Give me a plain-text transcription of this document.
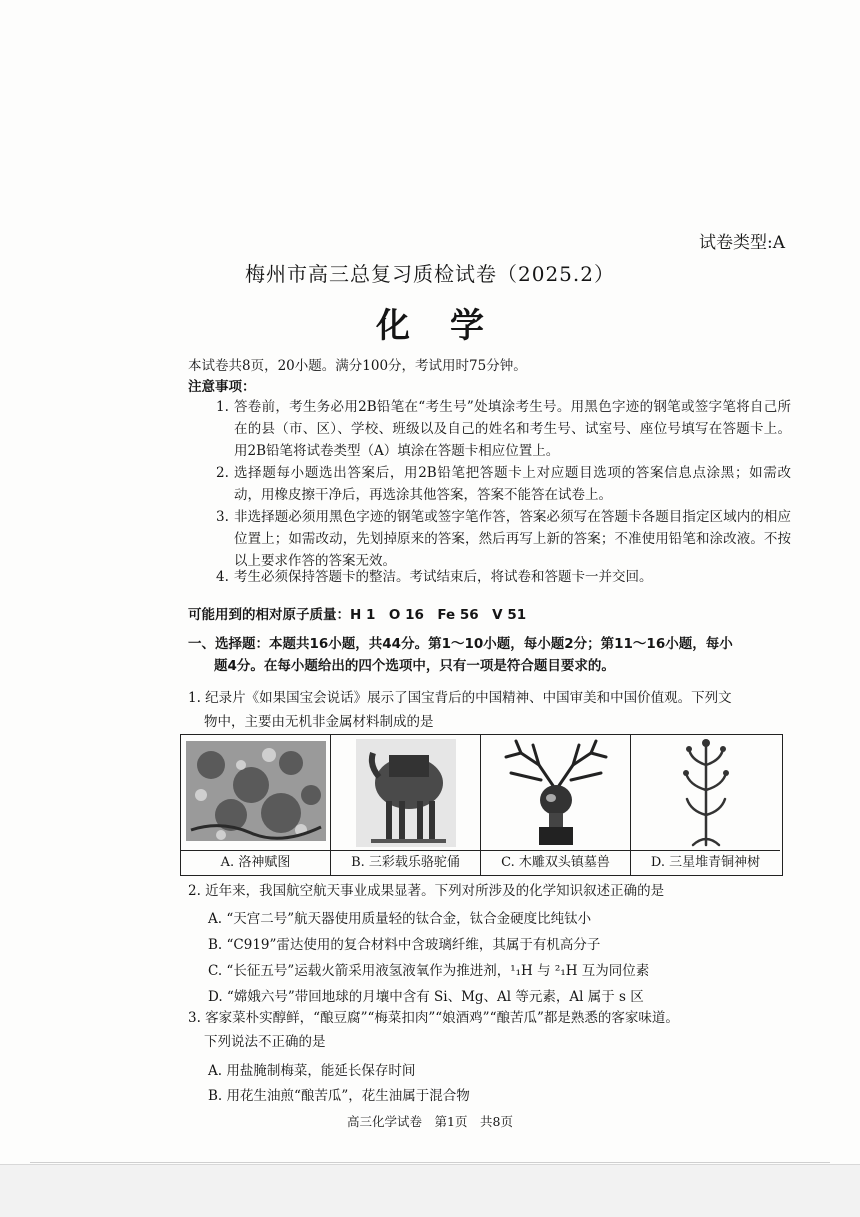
试卷类型:A
梅州市高三总复习质检试卷（2025.2）
化学
本试卷共8页，20小题。满分100分，考试用时75分钟。
注意事项：
1. 答卷前，考生务必用2B铅笔在“考生号”处填涂考生号。用黑色字迹的钢笔或签字笔将自己所在的县（市、区）、学校、班级以及自己的姓名和考生号、试室号、座位号填写在答题卡上。用2B铅笔将试卷类型（A）填涂在答题卡相应位置上。
2. 选择题每小题选出答案后，用2B铅笔把答题卡上对应题目选项的答案信息点涂黑；如需改动，用橡皮擦干净后，再选涂其他答案，答案不能答在试卷上。
3. 非选择题必须用黑色字迹的钢笔或签字笔作答，答案必须写在答题卡各题目指定区域内的相应位置上；如需改动，先划掉原来的答案，然后再写上新的答案；不准使用铅笔和涂改液。不按以上要求作答的答案无效。
4. 考生必须保持答题卡的整洁。考试结束后，将试卷和答题卡一并交回。
可能用到的相对原子质量：H 1　O 16　Fe 56　V 51
一、选择题：本题共16小题，共44分。第1～10小题，每小题2分；第11～16小题，每小
题4分。在每小题给出的四个选项中，只有一项是符合题目要求的。
1. 纪录片《如果国宝会说话》展示了国宝背后的中国精神、中国审美和中国价值观。下列文
物中，主要由无机非金属材料制成的是
A. 洛神赋图	B. 三彩载乐骆驼俑	C. 木雕双头镇墓兽	D. 三星堆青铜神树
2. 近年来，我国航空航天事业成果显著。下列对所涉及的化学知识叙述正确的是
A. “天宫二号”航天器使用质量轻的钛合金，钛合金硬度比纯钛小
B. “C919”雷达使用的复合材料中含玻璃纤维，其属于有机高分子
C. “长征五号”运载火箭采用液氢液氧作为推进剂，¹₁H 与 ²₁H 互为同位素
D. “嫦娥六号”带回地球的月壤中含有 Si、Mg、Al 等元素，Al 属于 s 区
3. 客家菜朴实醇鲜，“酿豆腐”“梅菜扣肉”“娘酒鸡”“酿苦瓜”都是熟悉的客家味道。
下列说法不正确的是
A. 用盐腌制梅菜，能延长保存时间
B. 用花生油煎“酿苦瓜”，花生油属于混合物
高三化学试卷　第1页　共8页
